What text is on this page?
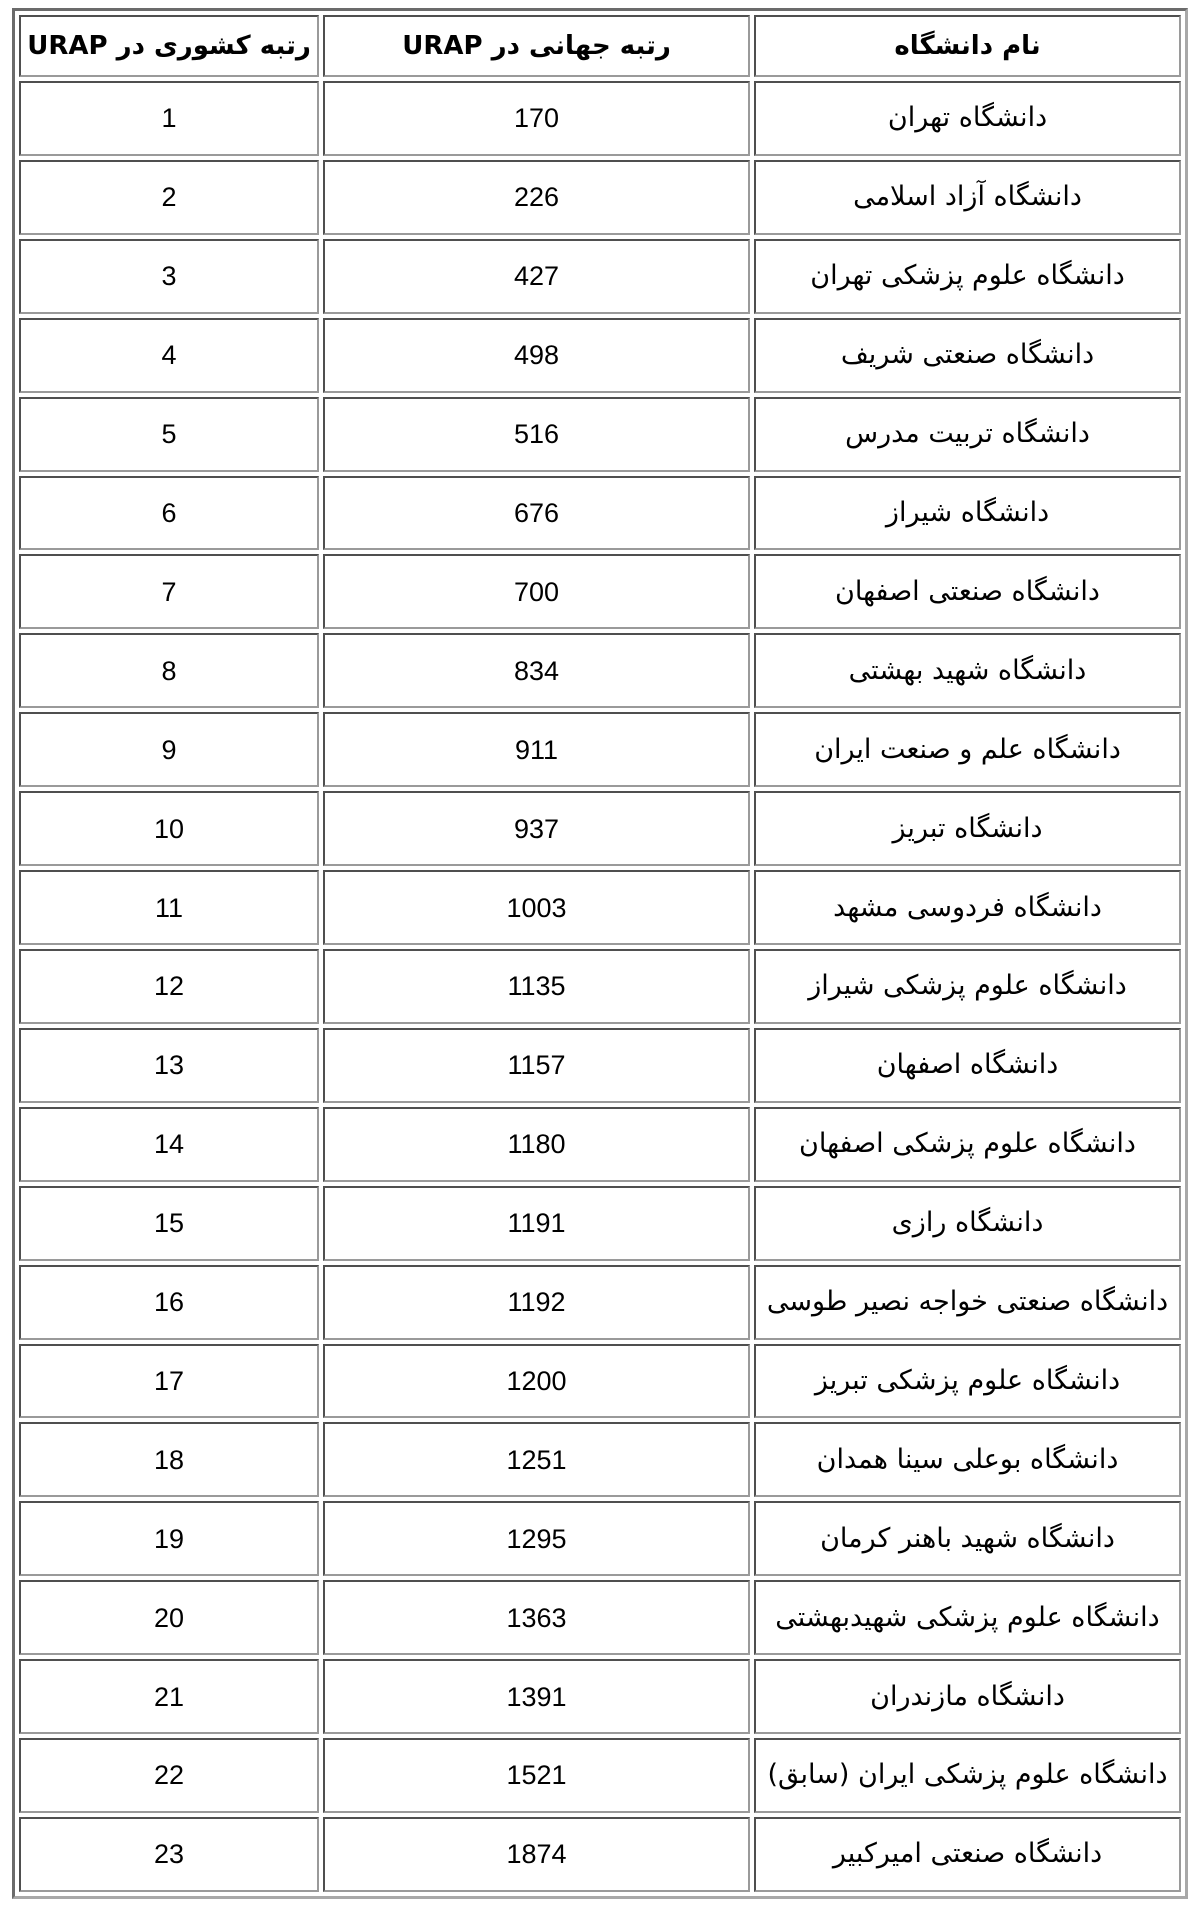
نام دانشگاه	رتبه جهانی در URAP	رتبه کشوری در URAP
دانشگاه تهران	170	1
دانشگاه آزاد اسلامی	226	2
دانشگاه علوم پزشکی تهران	427	3
دانشگاه صنعتی شریف	498	4
دانشگاه تربیت مدرس	516	5
دانشگاه شیراز	676	6
دانشگاه صنعتی اصفهان	700	7
دانشگاه شهید بهشتی	834	8
دانشگاه علم و صنعت ایران	911	9
دانشگاه تبریز	937	10
دانشگاه فردوسی مشهد	1003	11
دانشگاه علوم پزشکی شیراز	1135	12
دانشگاه اصفهان	1157	13
دانشگاه علوم پزشکی اصفهان	1180	14
دانشگاه رازی	1191	15
دانشگاه صنعتی خواجه نصیر طوسی	1192	16
دانشگاه علوم پزشکی تبریز	1200	17
دانشگاه بوعلی سینا همدان	1251	18
دانشگاه شهید باهنر کرمان	1295	19
دانشگاه علوم پزشکی شهیدبهشتی	1363	20
دانشگاه مازندران	1391	21
دانشگاه علوم پزشکی ایران (سابق)	1521	22
دانشگاه صنعتی امیرکبیر	1874	23
